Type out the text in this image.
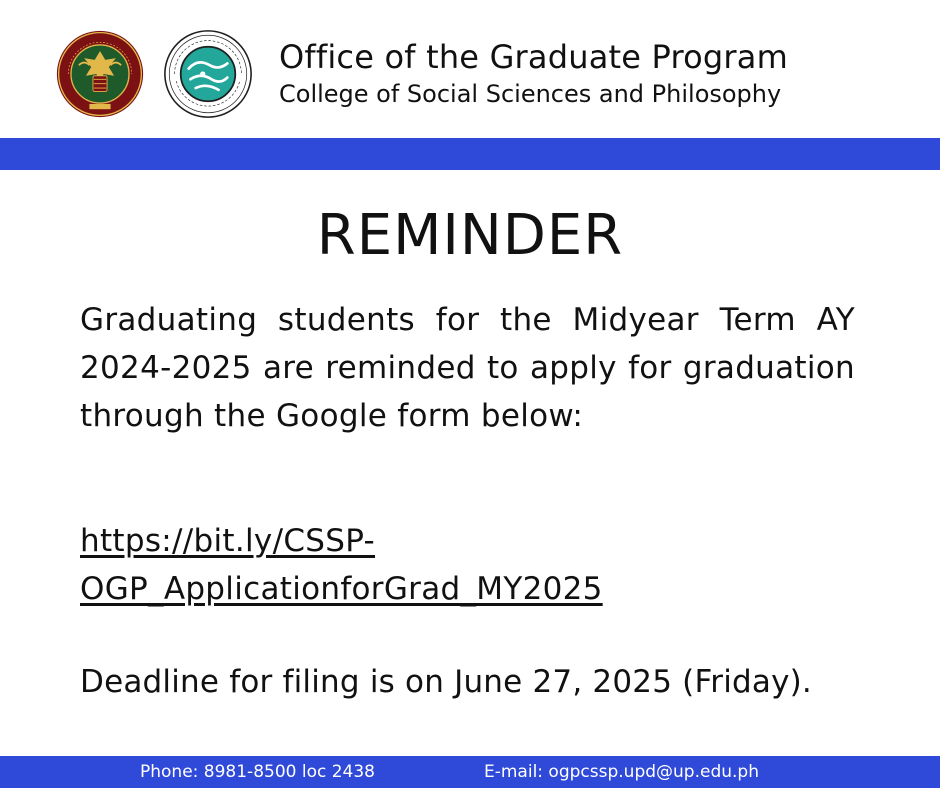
Office of the Graduate Program
College of Social Sciences and Philosophy
REMINDER

Graduating students for the Midyear Term AY 2024-2025 are reminded to apply for graduation through the Google form below:

https://bit.ly/CSSP-
OGP_ApplicationforGrad_MY2025
Deadline for filing is on June 27, 2025 (Friday).
Phone: 8981-8500 loc 2438	E-mail: ogpcssp.upd@up.edu.ph
